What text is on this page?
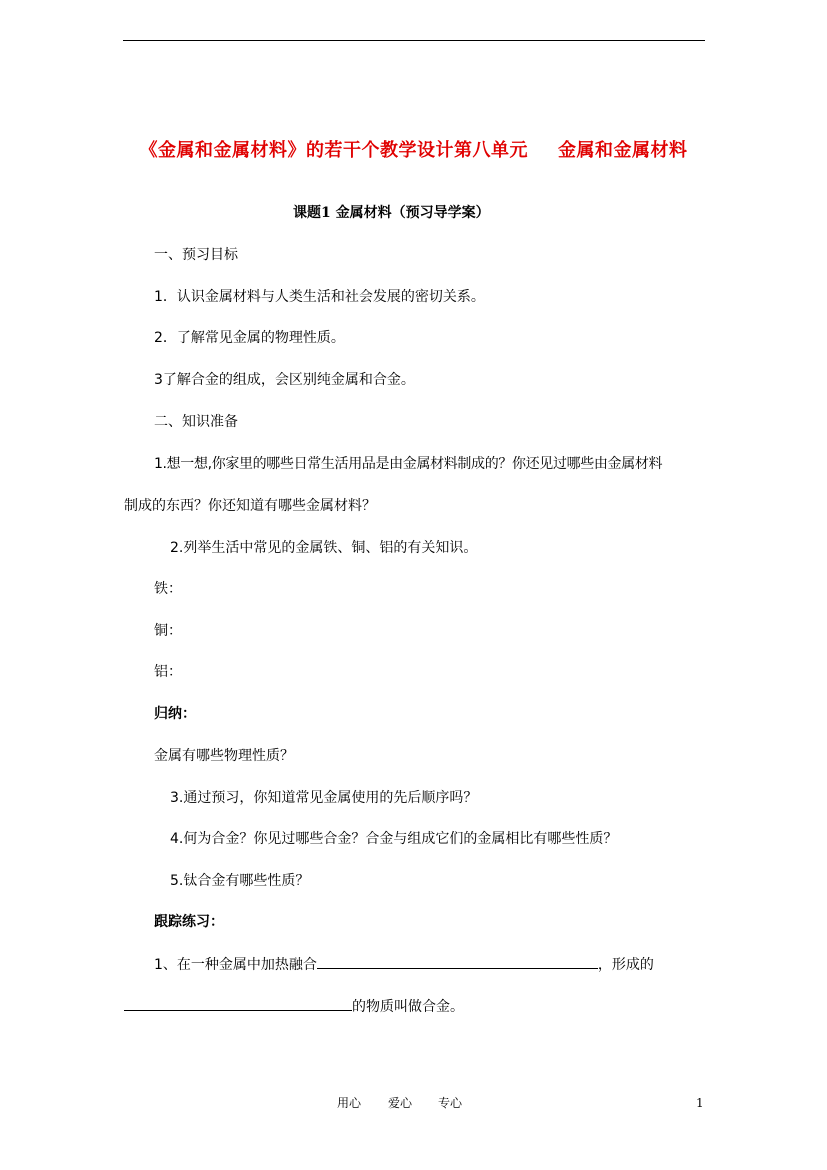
《金属和金属材料》的若干个教学设计第八单元 金属和金属材料
课题1 金属材料（预习导学案）
一、预习目标
1．认识金属材料与人类生活和社会发展的密切关系。
2．了解常见金属的物理性质。
3了解合金的组成，会区别纯金属和合金。
二、知识准备
1.想一想,你家里的哪些日常生活用品是由金属材料制成的？你还见过哪些由金属材料
制成的东西？你还知道有哪些金属材料？
2.列举生活中常见的金属铁、铜、铝的有关知识。
铁：
铜：
铝：
归纳：
金属有哪些物理性质？
3.通过预习，你知道常见金属使用的先后顺序吗？
4.何为合金？你见过哪些合金？合金与组成它们的金属相比有哪些性质？
5.钛合金有哪些性质？
跟踪练习：
1、在一种金属中加热融合	，形成的
的物质叫做合金。
用心 爱心 专心	1
